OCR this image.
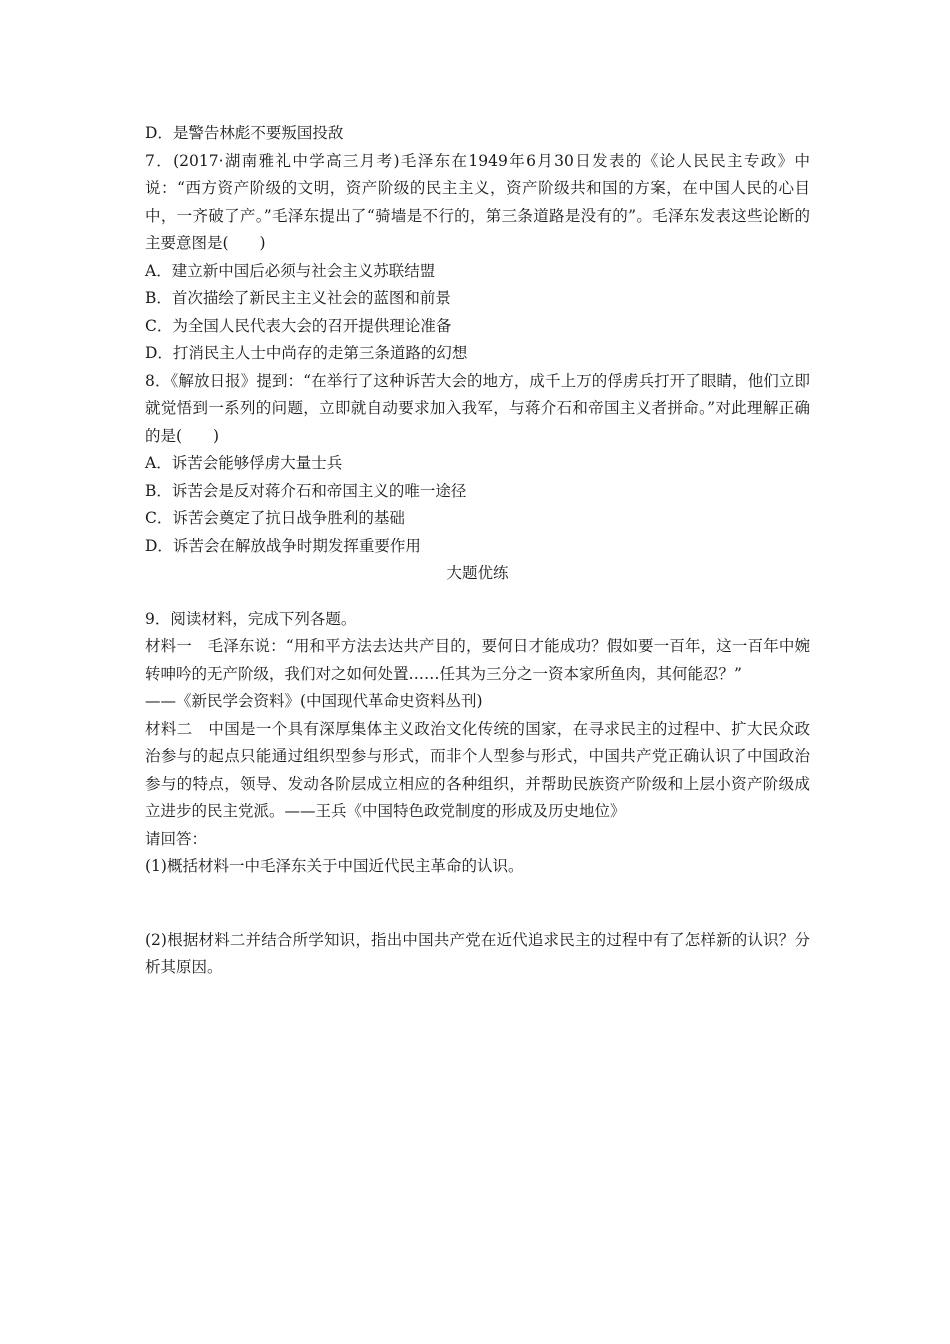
D．是警告林彪不要叛国投敌
7．(2017·湖南雅礼中学高三月考)毛泽东在1949年6月30日发表的《论人民民主专政》中说：“西方资产阶级的文明，资产阶级的民主主义，资产阶级共和国的方案，在中国人民的心目中，一齐破了产。”毛泽东提出了“骑墙是不行的，第三条道路是没有的”。毛泽东发表这些论断的主要意图是(　　)
A．建立新中国后必须与社会主义苏联结盟
B．首次描绘了新民主主义社会的蓝图和前景
C．为全国人民代表大会的召开提供理论准备
D．打消民主人士中尚存的走第三条道路的幻想
8．《解放日报》提到：“在举行了这种诉苦大会的地方，成千上万的俘虏兵打开了眼睛，他们立即就觉悟到一系列的问题，立即就自动要求加入我军，与蒋介石和帝国主义者拼命。”对此理解正确的是(　　)
A．诉苦会能够俘虏大量士兵
B．诉苦会是反对蒋介石和帝国主义的唯一途径
C．诉苦会奠定了抗日战争胜利的基础
D．诉苦会在解放战争时期发挥重要作用
大题优练
9．阅读材料，完成下列各题。
材料一　毛泽东说：“用和平方法去达共产目的，要何日才能成功？假如要一百年，这一百年中婉转呻吟的无产阶级，我们对之如何处置……任其为三分之一资本家所鱼肉，其何能忍？”
——《新民学会资料》(中国现代革命史资料丛刊)
材料二　中国是一个具有深厚集体主义政治文化传统的国家，在寻求民主的过程中、扩大民众政治参与的起点只能通过组织型参与形式，而非个人型参与形式，中国共产党正确认识了中国政治参与的特点，领导、发动各阶层成立相应的各种组织，并帮助民族资产阶级和上层小资产阶级成立进步的民主党派。——王兵《中国特色政党制度的形成及历史地位》
请回答：
(1)概括材料一中毛泽东关于中国近代民主革命的认识。
(2)根据材料二并结合所学知识，指出中国共产党在近代追求民主的过程中有了怎样新的认识？分析其原因。
